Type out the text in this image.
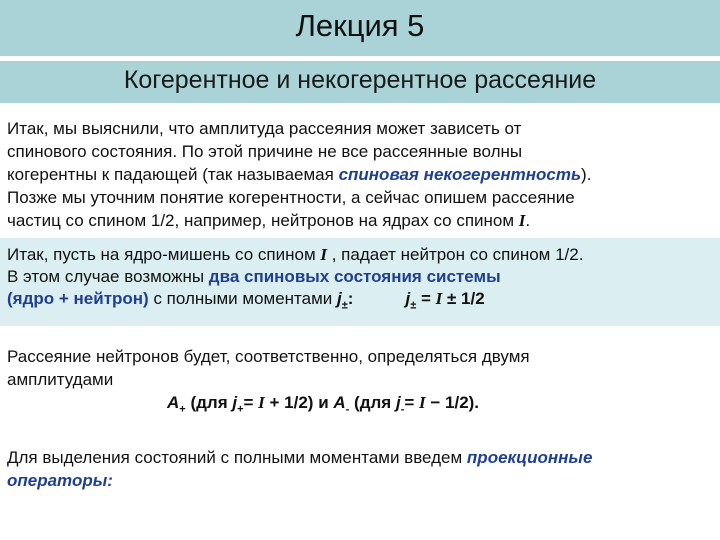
Лекция 5
Когерентное и некогерентное рассеяние
Итак, мы выяснили, что амплитуда рассеяния может зависеть от
спинового состояния. По этой причине не все рассеянные волны
когерентны к падающей (так называемая спиновая некогерентность).
Позже мы уточним понятие когерентности, а сейчас опишем рассеяние
частиц со спином 1/2, например, нейтронов на ядрах со спином I.
Итак, пусть на ядро-мишень со спином I , падает нейтрон со спином 1/2.
В этом случае возможны два спиновых состояния системы
(ядро + нейтрон) с полными моментами $j_\pm$:	$j_\pm = I \pm 1/2$
Рассеяние нейтронов будет, соответственно, определяться двумя
амплитудами
$A_+$ (для $j_+= I + 1/2$) и $A_-$ (для $j_-= I - 1/2$).
Для выделения состояний с полными моментами введем проекционные
операторы:
